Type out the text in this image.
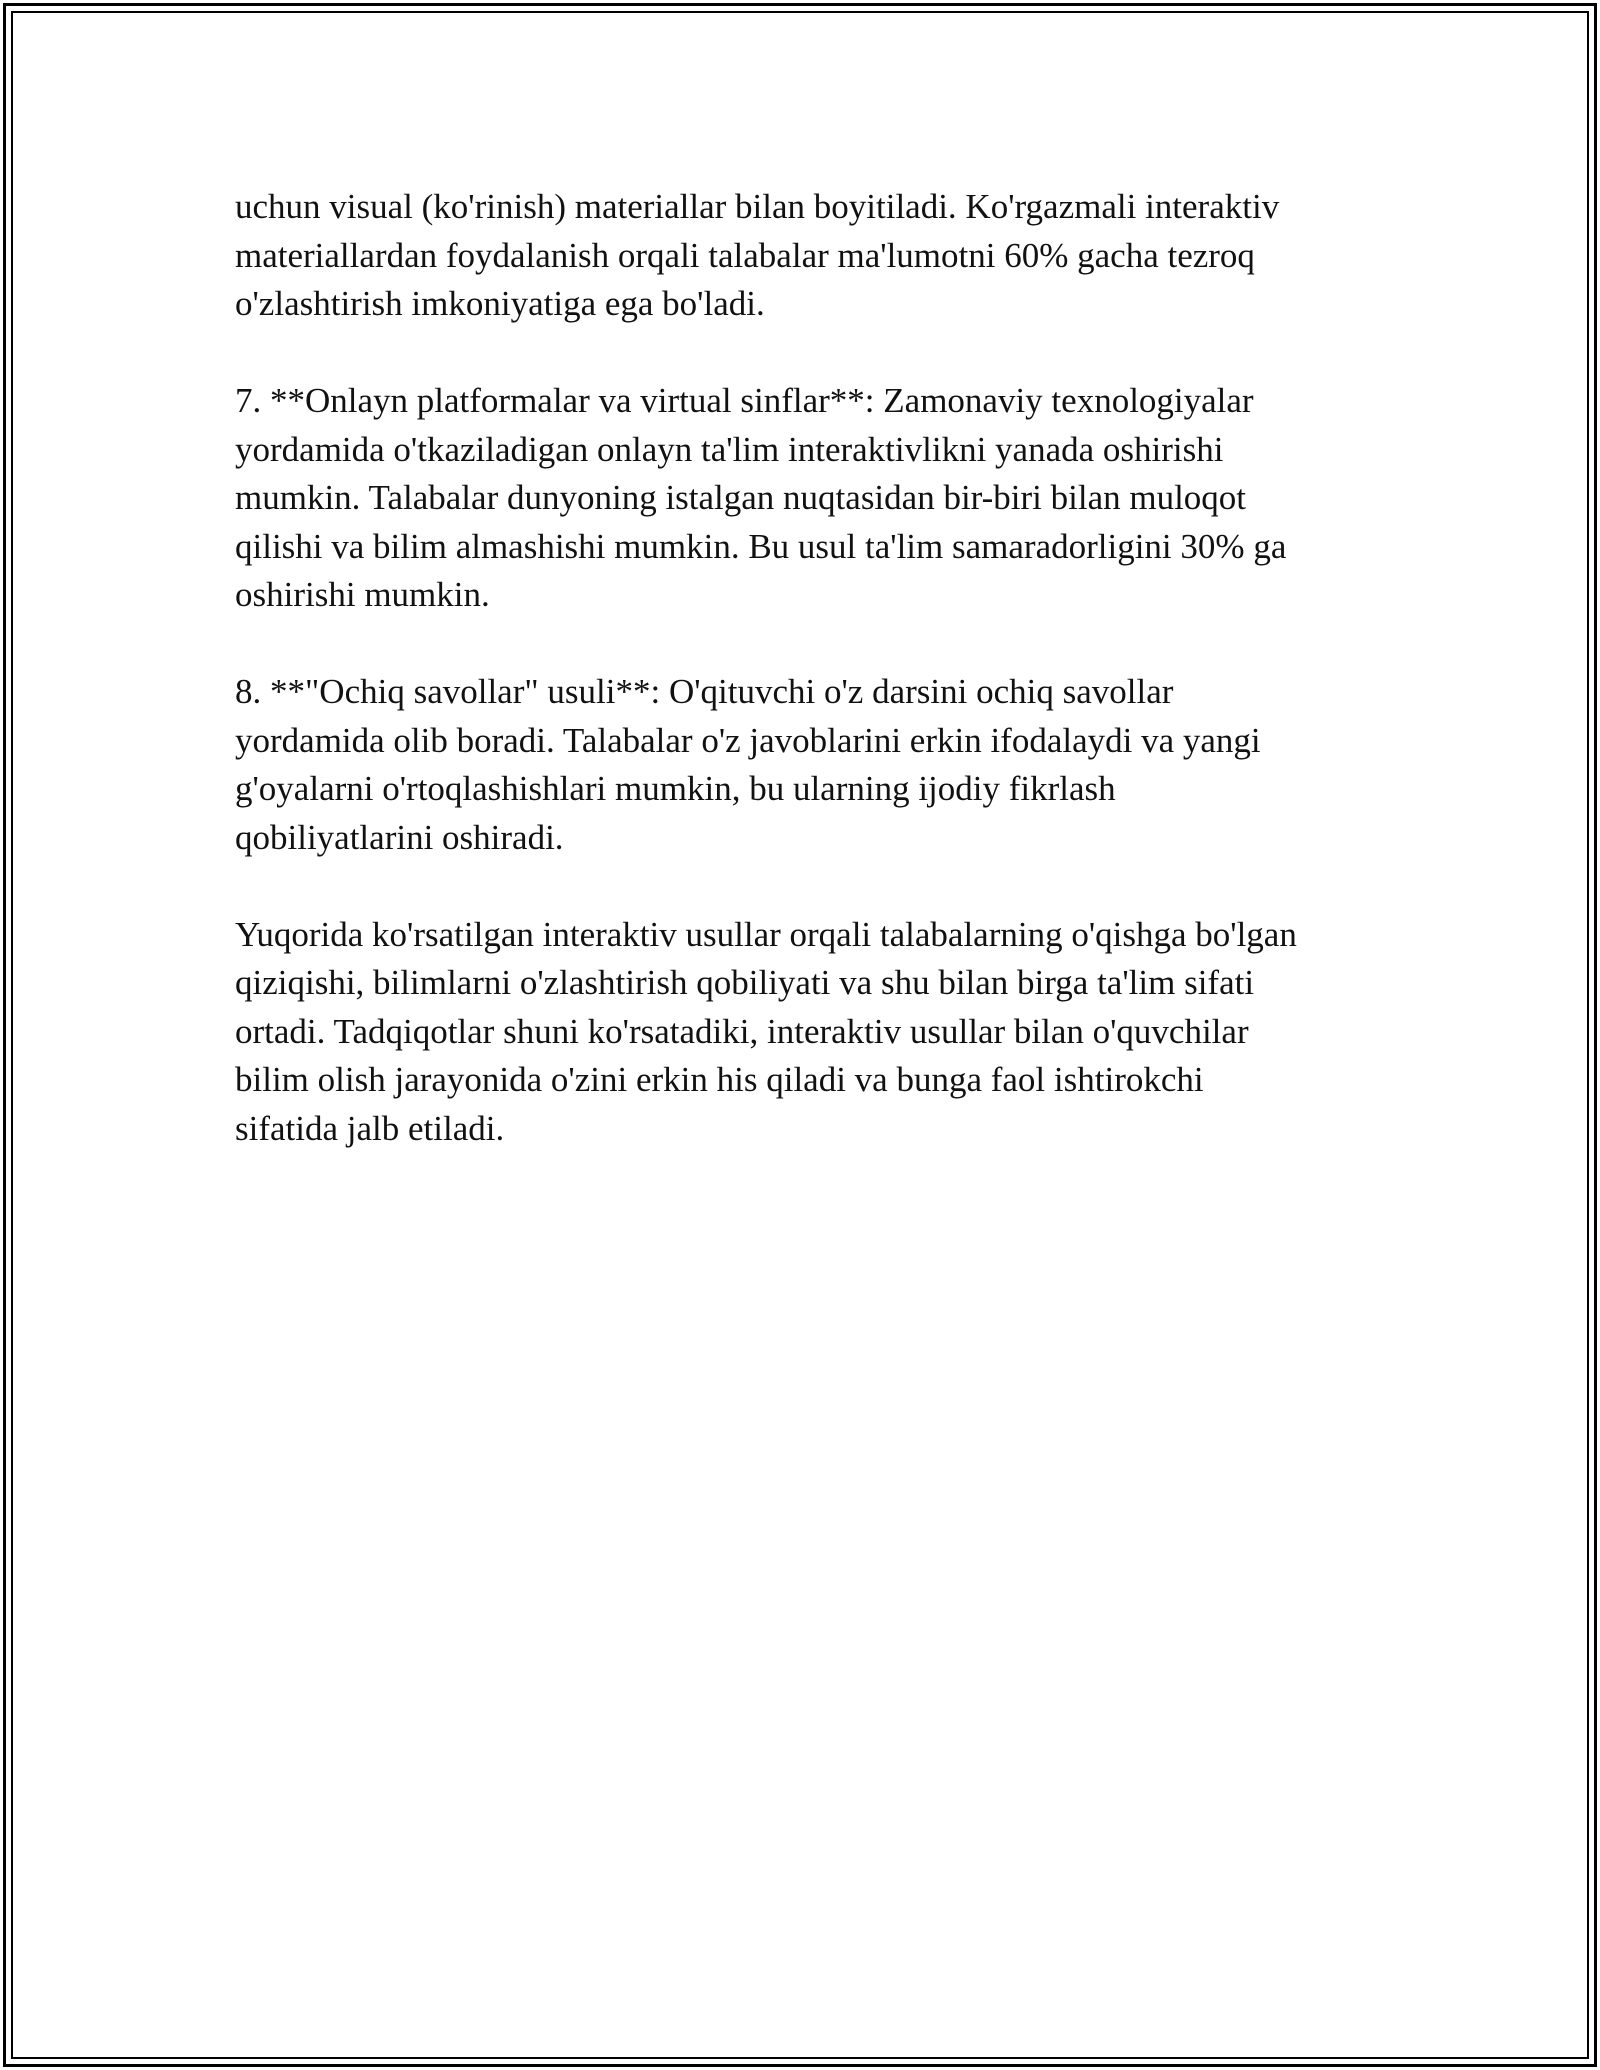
uchun visual (ko'rinish) materiallar bilan boyitiladi. Ko'rgazmali interaktiv
materiallardan foydalanish orqali talabalar ma'lumotni 60% gacha tezroq
o'zlashtirish imkoniyatiga ega bo'ladi.

7. **Onlayn platformalar va virtual sinflar**: Zamonaviy texnologiyalar
yordamida o'tkaziladigan onlayn ta'lim interaktivlikni yanada oshirishi
mumkin. Talabalar dunyoning istalgan nuqtasidan bir-biri bilan muloqot
qilishi va bilim almashishi mumkin. Bu usul ta'lim samaradorligini 30% ga
oshirishi mumkin.

8. **"Ochiq savollar" usuli**: O'qituvchi o'z darsini ochiq savollar
yordamida olib boradi. Talabalar o'z javoblarini erkin ifodalaydi va yangi
g'oyalarni o'rtoqlashishlari mumkin, bu ularning ijodiy fikrlash
qobiliyatlarini oshiradi.

Yuqorida ko'rsatilgan interaktiv usullar orqali talabalarning o'qishga bo'lgan
qiziqishi, bilimlarni o'zlashtirish qobiliyati va shu bilan birga ta'lim sifati
ortadi. Tadqiqotlar shuni ko'rsatadiki, interaktiv usullar bilan o'quvchilar
bilim olish jarayonida o'zini erkin his qiladi va bunga faol ishtirokchi
sifatida jalb etiladi.
